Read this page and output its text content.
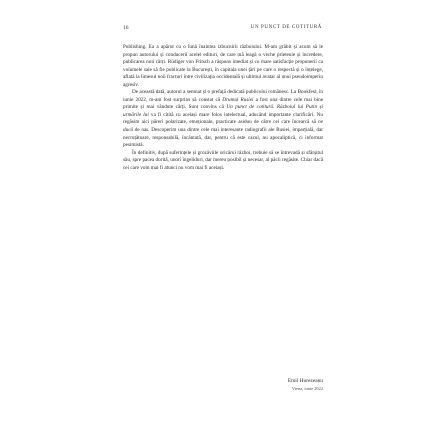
16	UN PUNCT DE COTITURĂ

Publishing. Ea a apărut cu o lună înaintea izbucnirii războiului. M-am grăbit și acum să le propun autorului și conducerii acelei edituri, de care mă leagă o veche prietenie și încredere, publicarea noii cărți. Rüdiger von Fritsch a răspuns imediat și cu mare satisfacție propunerii ca volumele sale să fie publicate la București, în capitala unei țări pe care o respectă și o înțelege, aflată la limesul noii fracturi între civilizația occidentală și ultimul avatar al unui pseudoimperiu agresiv.

De această dată, autorul a semnat și o prefață dedicată publicului românesc. La Bookfest, în iunie 2022, m-am fost surprins să constat că Drumul Rusiei a fost una dintre cele mai bine primite și mai vândute cărți. Sunt convins că Un punct de cotitură. Războiul lui Putin și urmările lui va fi citită cu același mare folos intelectual, aducând importante clarificări. Nu regăsim aici păreri polarizate, emoționale, practicate asiduu de către cei care încearcă să ne ducă de nas. Descoperim una dintre cele mai interesante radiografii ale Rusiei, imparțială, dar necruțătoare, responsabilă, încântată, dar, pentru că este cazul, nu apocaliptică, ci informat pesimistă.

În definitiv, după suferințele și grozăviile oricărui război, trebuie să se întrevadă și sfârșitul său, spre pacea dorită, unori îngeliduri, dar mereu posibil și necesar, al păcii regăsite. Chiar dacă cei care vom mai fi atunci nu vom mai fi aceiași.

Emil Hurezeanu
Viena, iunie 2022
